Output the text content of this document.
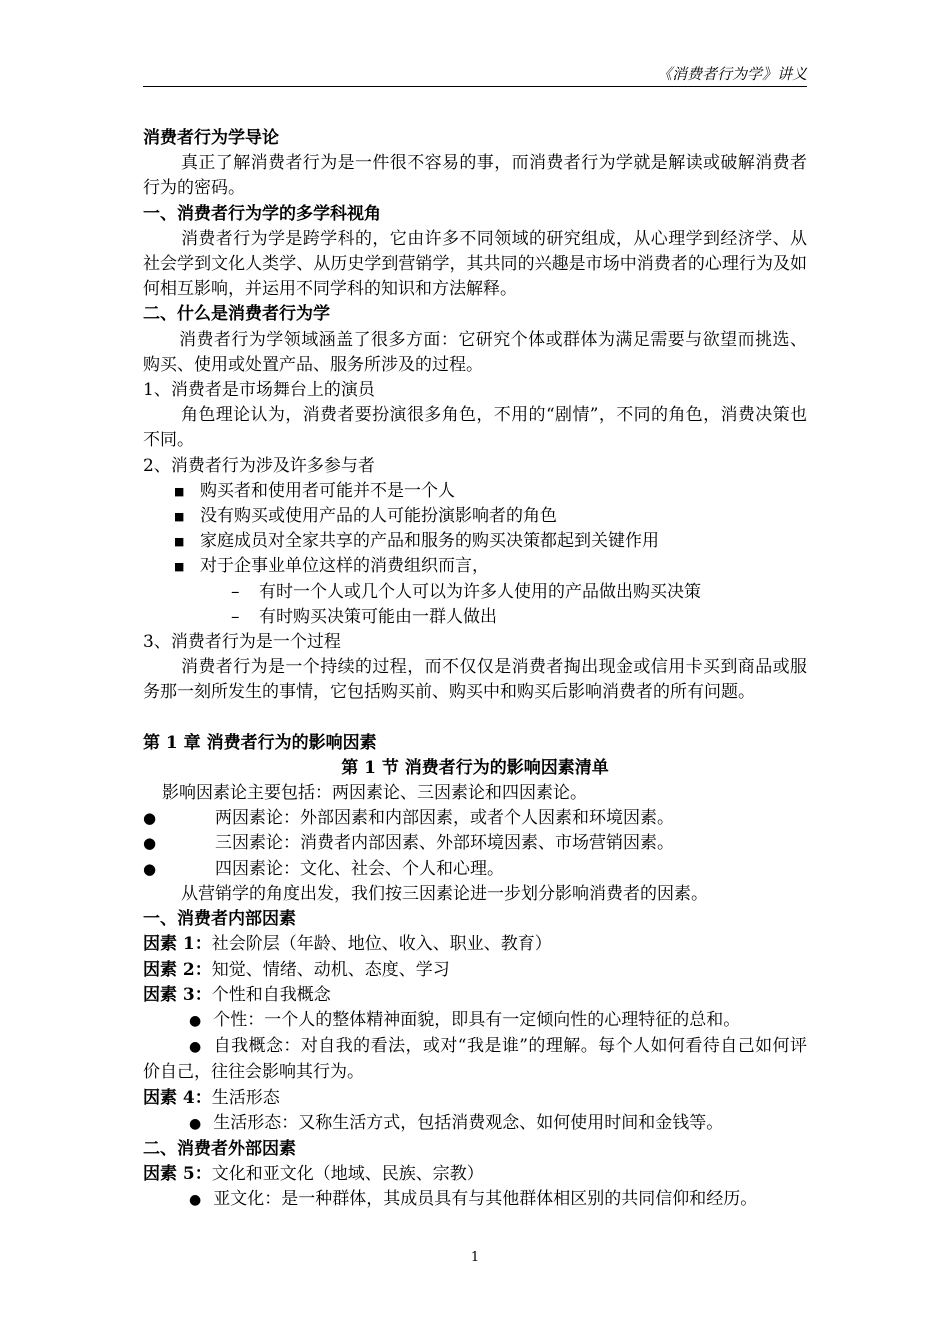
《消费者行为学》讲义

消费者行为学导论

真正了解消费者行为是一件很不容易的事，而消费者行为学就是解读或破解消费者行为的密码。

一、消费者行为学的多学科视角

消费者行为学是跨学科的，它由许多不同领域的研究组成，从心理学到经济学、从社会学到文化人类学、从历史学到营销学，其共同的兴趣是市场中消费者的心理行为及如何相互影响，并运用不同学科的知识和方法解释。

二、什么是消费者行为学

消费者行为学领域涵盖了很多方面：它研究个体或群体为满足需要与欲望而挑选、购买、使用或处置产品、服务所涉及的过程。

1、消费者是市场舞台上的演员

角色理论认为，消费者要扮演很多角色，不用的“剧情”，不同的角色，消费决策也不同。

2、消费者行为涉及许多参与者

■ 购买者和使用者可能并不是一个人
■ 没有购买或使用产品的人可能扮演影响者的角色
■ 家庭成员对全家共享的产品和服务的购买决策都起到关键作用
■ 对于企事业单位这样的消费组织而言，
– 有时一个人或几个人可以为许多人使用的产品做出购买决策
– 有时购买决策可能由一群人做出

3、消费者行为是一个过程

消费者行为是一个持续的过程，而不仅仅是消费者掏出现金或信用卡买到商品或服务那一刻所发生的事情，它包括购买前、购买中和购买后影响消费者的所有问题。

第 1 章 消费者行为的影响因素

第 1 节 消费者行为的影响因素清单

影响因素论主要包括：两因素论、三因素论和四因素论。

●	两因素论：外部因素和内部因素，或者个人因素和环境因素。
●	三因素论：消费者内部因素、外部环境因素、市场营销因素。
●	四因素论：文化、社会、个人和心理。

从营销学的角度出发，我们按三因素论进一步划分影响消费者的因素。

一、消费者内部因素

因素 1：社会阶层（年龄、地位、收入、职业、教育）

因素 2：知觉、情绪、动机、态度、学习

因素 3：个性和自我概念

● 个性：一个人的整体精神面貌，即具有一定倾向性的心理特征的总和。

● 自我概念：对自我的看法，或对“我是谁”的理解。每个人如何看待自己如何评价自己，往往会影响其行为。

因素 4：生活形态

● 生活形态：又称生活方式，包括消费观念、如何使用时间和金钱等。

二、消费者外部因素

因素 5：文化和亚文化（地域、民族、宗教）

● 亚文化：是一种群体，其成员具有与其他群体相区别的共同信仰和经历。

1
